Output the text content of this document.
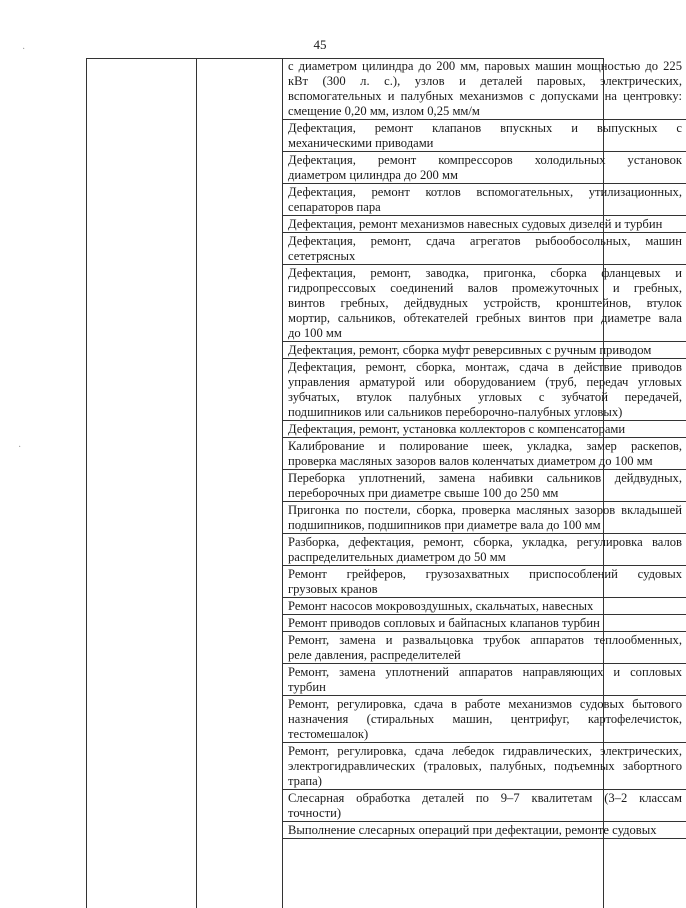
45
с диаметром цилиндра до 200 мм, паровых машин мощностью до 225
кВт (300 л. с.), узлов и деталей паровых, электрических,
вспомогательных и палубных механизмов с допусками на центровку:
смещение 0,20 мм, излом 0,25 мм/м
Дефектация, ремонт клапанов впускных и выпускных с
механическими приводами
Дефектация, ремонт компрессоров холодильных установок
диаметром цилиндра до 200 мм
Дефектация, ремонт котлов вспомогательных, утилизационных,
сепараторов пара
Дефектация, ремонт механизмов навесных судовых дизелей и турбин
Дефектация, ремонт, сдача агрегатов рыбообосольных, машин
сететрясных
Дефектация, ремонт, заводка, пригонка, сборка фланцевых и
гидропрессовых соединений валов промежуточных и гребных,
винтов гребных, дейдвудных устройств, кронштейнов, втулок
мортир, сальников, обтекателей гребных винтов при диаметре вала
до 100 мм
Дефектация, ремонт, сборка муфт реверсивных с ручным приводом
Дефектация, ремонт, сборка, монтаж, сдача в действие приводов
управления арматурой или оборудованием (труб, передач угловых
зубчатых, втулок палубных угловых с зубчатой передачей,
подшипников или сальников переборочно-палубных угловых)
Дефектация, ремонт, установка коллекторов с компенсаторами
Калибрование и полирование шеек, укладка, замер раскепов,
проверка масляных зазоров валов коленчатых диаметром до 100 мм
Переборка уплотнений, замена набивки сальников дейдвудных,
переборочных при диаметре свыше 100 до 250 мм
Пригонка по постели, сборка, проверка масляных зазоров вкладышей
подшипников, подшипников при диаметре вала до 100 мм
Разборка, дефектация, ремонт, сборка, укладка, регулировка валов
распределительных диаметром до 50 мм
Ремонт грейферов, грузозахватных приспособлений судовых
грузовых кранов
Ремонт насосов мокровоздушных, скальчатых, навесных
Ремонт приводов сопловых и байпасных клапанов турбин
Ремонт, замена и развальцовка трубок аппаратов теплообменных,
реле давления, распределителей
Ремонт, замена уплотнений аппаратов направляющих и сопловых
турбин
Ремонт, регулировка, сдача в работе механизмов судовых бытового
назначения (стиральных машин, центрифуг, картофелечисток,
тестомешалок)
Ремонт, регулировка, сдача лебедок гидравлических, электрических,
электрогидравлических (траловых, палубных, подъемных забортного
трапа)
Слесарная обработка деталей по 9–7 квалитетам (3–2 классам
точности)
Выполнение слесарных операций при дефектации, ремонте судовых
·
·
